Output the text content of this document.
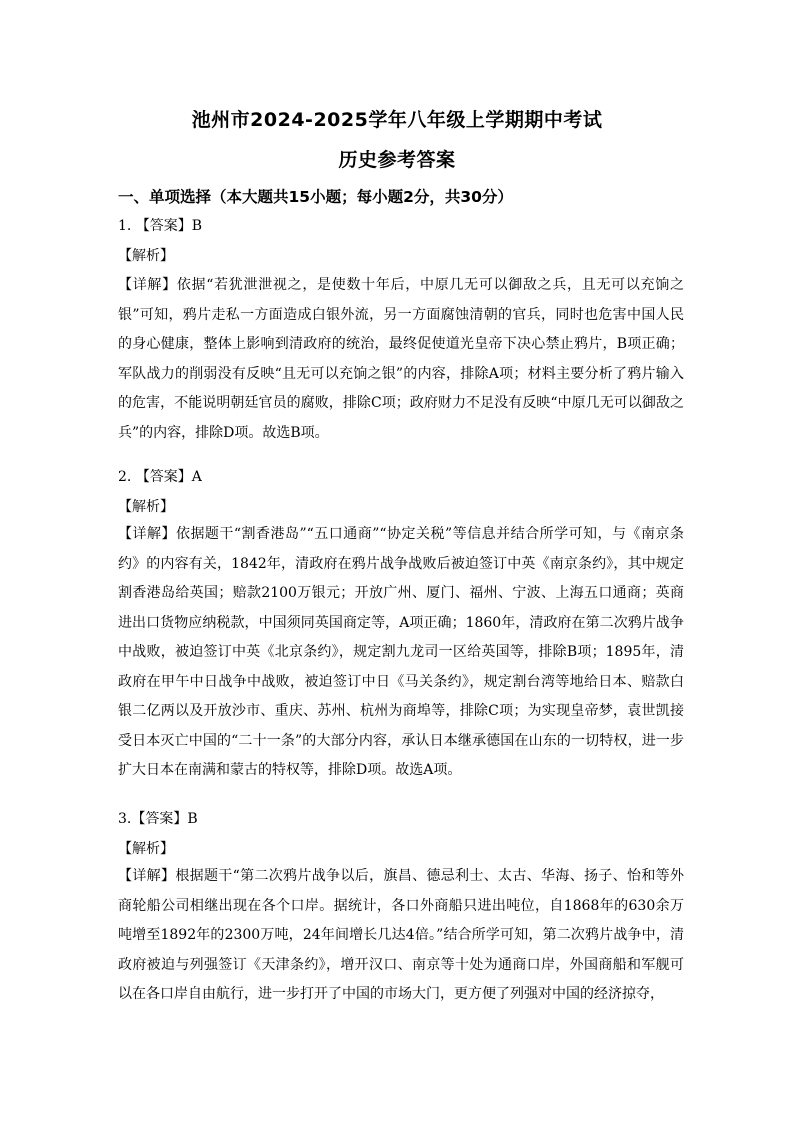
池州市2024-2025学年八年级上学期期中考试
历史参考答案
一、单项选择（本大题共15小题；每小题2分，共30分）
1. 【答案】B
【解析】
【详解】依据“若犹泄泄视之，是使数十年后，中原几无可以御敌之兵，且无可以充饷之银”可知，鸦片走私一方面造成白银外流，另一方面腐蚀清朝的官兵，同时也危害中国人民的身心健康，整体上影响到清政府的统治，最终促使道光皇帝下决心禁止鸦片，B项正确；军队战力的削弱没有反映“且无可以充饷之银”的内容，排除A项；材料主要分析了鸦片输入的危害，不能说明朝廷官员的腐败，排除C项；政府财力不足没有反映“中原几无可以御敌之兵”的内容，排除D项。故选B项。
2. 【答案】A
【解析】
【详解】依据题干“割香港岛”“五口通商”“协定关税”等信息并结合所学可知，与《南京条约》的内容有关，1842年，清政府在鸦片战争战败后被迫签订中英《南京条约》，其中规定割香港岛给英国；赔款2100万银元；开放广州、厦门、福州、宁波、上海五口通商；英商进出口货物应纳税款，中国须同英国商定等，A项正确；1860年，清政府在第二次鸦片战争中战败，被迫签订中英《北京条约》，规定割九龙司一区给英国等，排除B项；1895年，清政府在甲午中日战争中战败，被迫签订中日《马关条约》，规定割台湾等地给日本、赔款白银二亿两以及开放沙市、重庆、苏州、杭州为商埠等，排除C项；为实现皇帝梦，袁世凯接受日本灭亡中国的“二十一条”的大部分内容，承认日本继承德国在山东的一切特权，进一步扩大日本在南满和蒙古的特权等，排除D项。故选A项。
3.【答案】B
【解析】
【详解】根据题干“第二次鸦片战争以后，旗昌、德忌利士、太古、华海、扬子、怡和等外商轮船公司相继出现在各个口岸。据统计，各口外商船只进出吨位，自1868年的630余万吨增至1892年的2300万吨，24年间增长几达4倍。”结合所学可知，第二次鸦片战争中，清政府被迫与列强签订《天津条约》，增开汉口、南京等十处为通商口岸，外国商船和军舰可以在各口岸自由航行，进一步打开了中国的市场大门，更方便了列强对中国的经济掠夺，
